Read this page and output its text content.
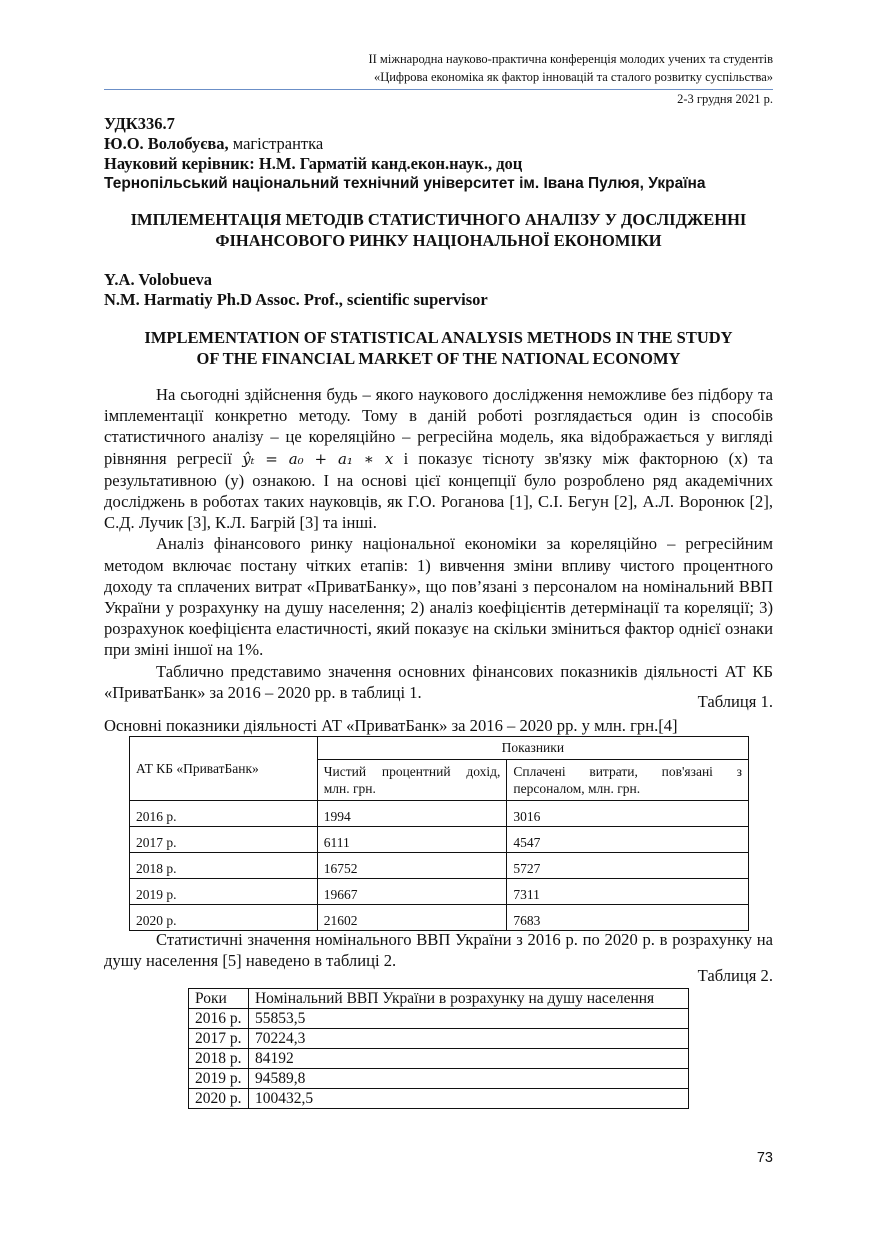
ІІ міжнародна науково-практична конференція молодих учених та студентів
«Цифрова економіка як фактор інновацій та сталого розвитку суспільства»
2-3 грудня 2021 р.
УДК336.7
Ю.О. Волобуєва, магістрантка
Науковий керівник: Н.М. Гарматій канд.екон.наук., доц
Тернопільський національний технічний університет ім. Івана Пулюя, Україна
ІМПЛЕМЕНТАЦІЯ МЕТОДІВ СТАТИСТИЧНОГО АНАЛІЗУ У ДОСЛІДЖЕННІ
ФІНАНСОВОГО РИНКУ НАЦІОНАЛЬНОЇ ЕКОНОМІКИ
Y.A. Volobueva
N.M. Harmatiy Ph.D Assoc. Prof., scientific supervisor
IMPLEMENTATION OF STATISTICAL ANALYSIS METHODS IN THE STUDY
OF THE FINANCIAL MARKET OF THE NATIONAL ECONOMY

На сьогодні здійснення будь – якого наукового дослідження неможливе без підбору та імплементації конкретно методу. Тому в даній роботі розглядається один із способів статистичного аналізу – це кореляційно – регресійна модель, яка відображається у вигляді рівняння регресії ŷₜ = a₀ + a₁ ∗ x і показує тісноту зв'язку між факторною (х) та результативною (у) ознакою. І на основі цієї концепції було розроблено ряд академічних досліджень в роботах таких науковців, як Г.О. Роганова [1], С.І. Бегун [2], А.Л. Воронюк [2], С.Д. Лучик [3], К.Л. Багрій [3] та інші.

Аналіз фінансового ринку національної економіки за кореляційно – регресійним методом включає постану чітких етапів: 1) вивчення зміни впливу чистого процентного доходу та сплачених витрат «ПриватБанку», що пов’язані з персоналом на номінальний ВВП України у розрахунку на душу населення; 2) аналіз коефіцієнтів детермінації та кореляції; 3) розрахунок коефіцієнта еластичності, який показує на скільки зміниться фактор однієї ознаки при зміні іншої на 1%.

Таблично представимо значення основних фінансових показників діяльності АТ КБ «ПриватБанк» за 2016 – 2020 рр. в таблиці 1.	Таблиця 1.
Основні показники діяльності АТ «ПриватБанк» за 2016 – 2020 рр. у млн. грн.[4]
АТ КБ «ПриватБанк»	Показники	
	Чистий процентний дохід, млн. грн.	Сплачені витрати, пов'язані з персоналом, млн. грн.
2016 р.	1994	3016
2017 р.	6111	4547
2018 р.	16752	5727
2019 р.	19667	7311
2020 р.	21602	7683

Статистичні значення номінального ВВП України з 2016 р. по 2020 р. в розрахунку на душу населення [5] наведено в таблиці 2.

Таблиця 2.
Роки	Номінальний ВВП України в розрахунку на душу населення
2016 р.	55853,5
2017 р.	70224,3
2018 р.	84192
2019 р.	94589,8
2020 р.	100432,5
73
